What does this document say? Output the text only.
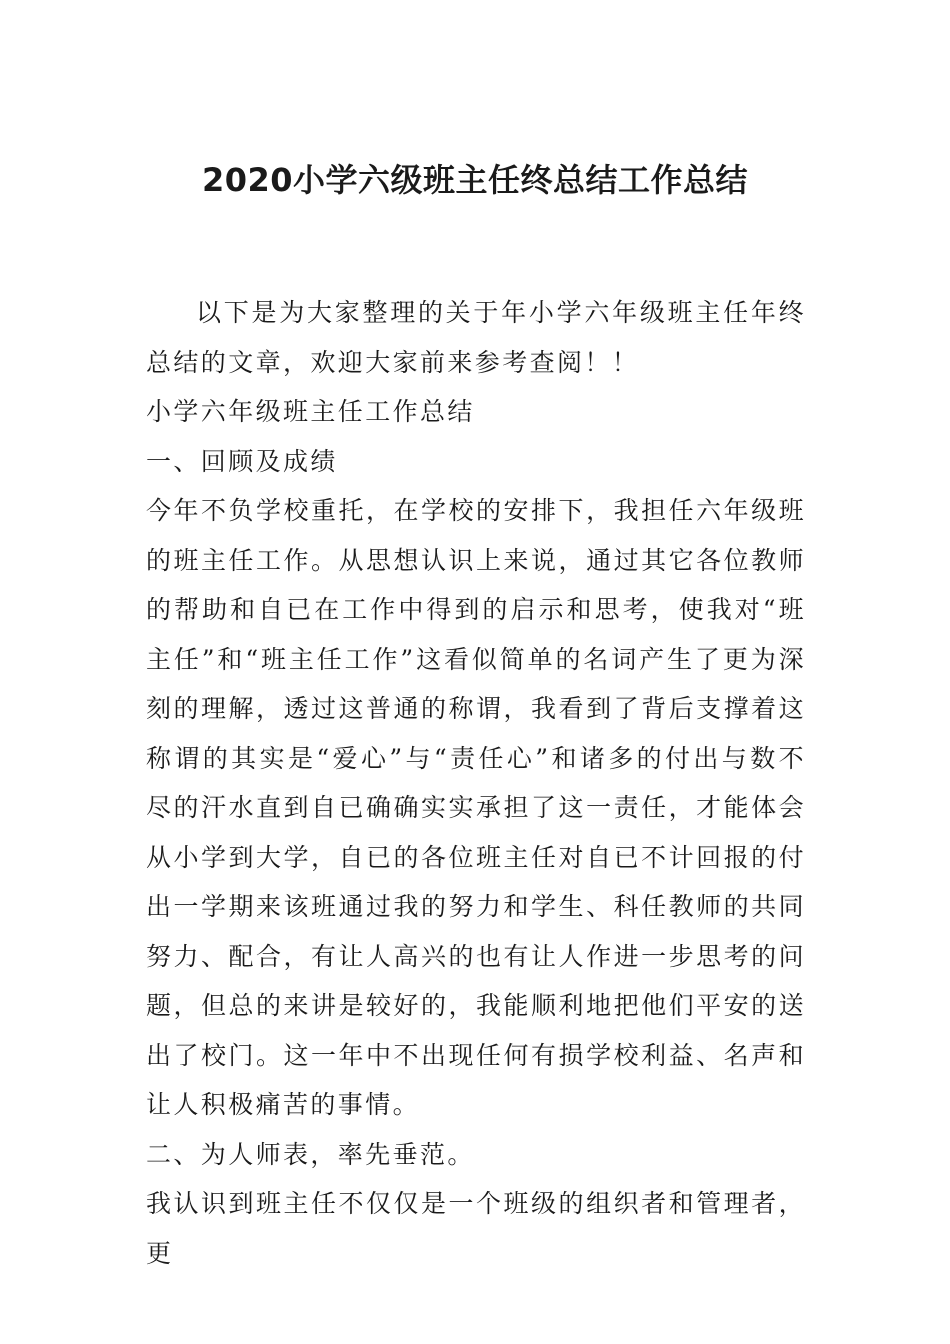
2020小学六级班主任终总结工作总结

以下是为大家整理的关于年小学六年级班主任年终总结的文章，欢迎大家前来参考查阅！！

小学六年级班主任工作总结

一、回顾及成绩

今年不负学校重托，在学校的安排下，我担任六年级班的班主任工作。从思想认识上来说，通过其它各位教师的帮助和自已在工作中得到的启示和思考，使我对“班主任”和“班主任工作”这看似简单的名词产生了更为深刻的理解，透过这普通的称谓，我看到了背后支撑着这称谓的其实是“爱心”与“责任心”和诸多的付出与数不尽的汗水直到自已确确实实承担了这一责任，才能体会从小学到大学，自已的各位班主任对自已不计回报的付出一学期来该班通过我的努力和学生、科任教师的共同努力、配合，有让人高兴的也有让人作进一步思考的问题，但总的来讲是较好的，我能顺利地把他们平安的送出了校门。这一年中不出现任何有损学校利益、名声和让人积极痛苦的事情。

二、为人师表，率先垂范。

我认识到班主任不仅仅是一个班级的组织者和管理者，更
